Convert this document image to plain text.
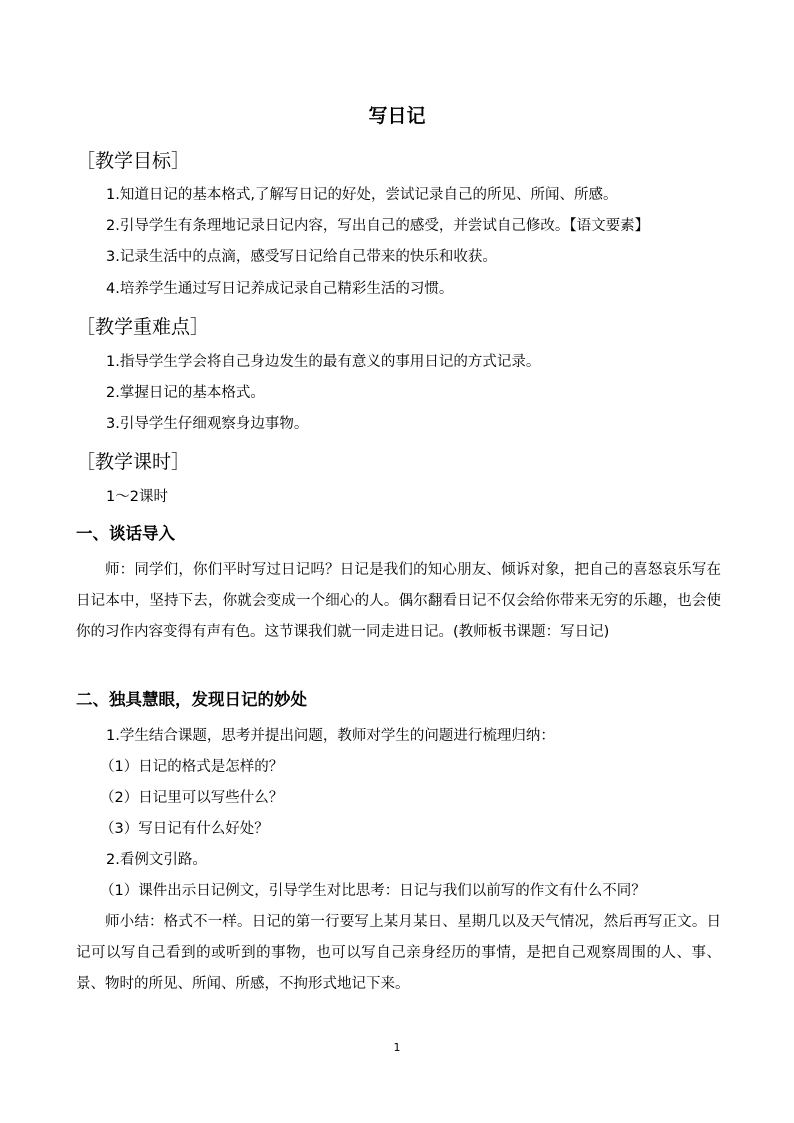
写日记
［教学目标］
1.知道日记的基本格式,了解写日记的好处，尝试记录自己的所见、所闻、所感。
2.引导学生有条理地记录日记内容，写出自己的感受，并尝试自己修改。【语文要素】
3.记录生活中的点滴，感受写日记给自己带来的快乐和收获。
4.培养学生通过写日记养成记录自己精彩生活的习惯。
［教学重难点］
1.指导学生学会将自己身边发生的最有意义的事用日记的方式记录。
2.掌握日记的基本格式。
3.引导学生仔细观察身边事物。
［教学课时］
1～2课时
一、谈话导入
师：同学们，你们平时写过日记吗？日记是我们的知心朋友、倾诉对象，把自己的喜怒哀乐写在日记本中，坚持下去，你就会变成一个细心的人。偶尔翻看日记不仅会给你带来无穷的乐趣，也会使你的习作内容变得有声有色。这节课我们就一同走进日记。(教师板书课题：写日记)
二、独具慧眼，发现日记的妙处
1.学生结合课题，思考并提出问题，教师对学生的问题进行梳理归纳：
（1）日记的格式是怎样的？
（2）日记里可以写些什么？
（3）写日记有什么好处？
2.看例文引路。
（1）课件出示日记例文，引导学生对比思考：日记与我们以前写的作文有什么不同？
师小结：格式不一样。日记的第一行要写上某月某日、星期几以及天气情况，然后再写正文。日记可以写自己看到的或听到的事物，也可以写自己亲身经历的事情，是把自己观察周围的人、事、景、物时的所见、所闻、所感，不拘形式地记下来。
1
